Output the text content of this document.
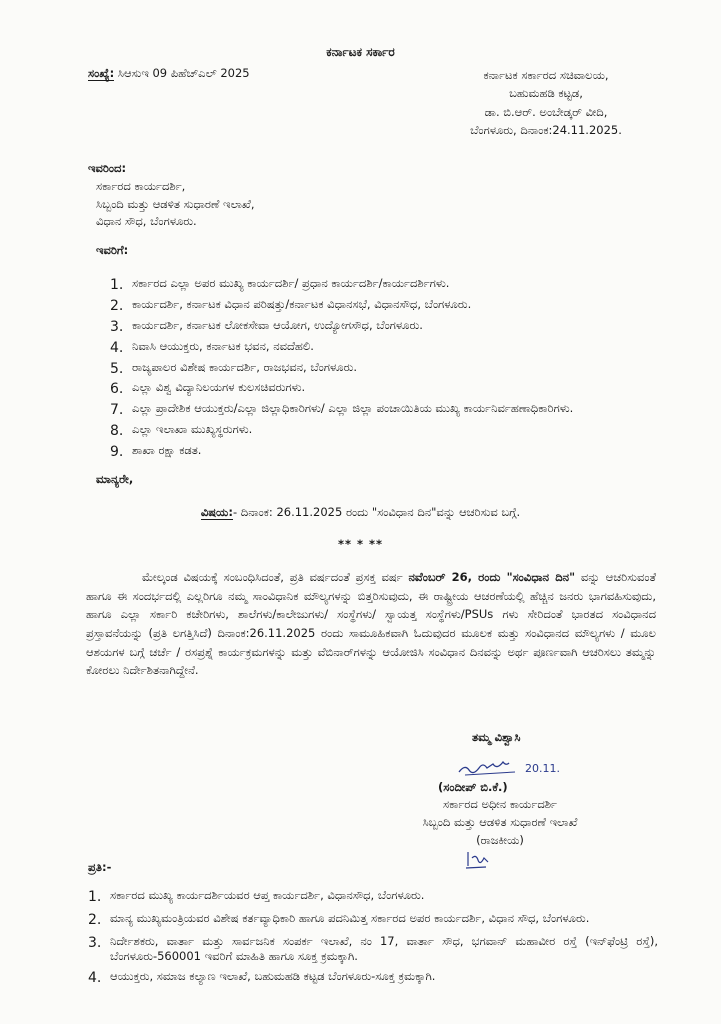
ಕರ್ನಾಟಕ ಸರ್ಕಾರ
ಸಂಖ್ಯೆ: ಸಿಆಸುಇ 09 ಪಿಹೆಚ್‌ಎಲ್ 2025	ಕರ್ನಾಟಕ ಸರ್ಕಾರದ ಸಚಿವಾಲಯ,
ಬಹುಮಹಡಿ ಕಟ್ಟಡ,
ಡಾ. ಬಿ.ಆರ್. ಅಂಬೇಡ್ಕರ್ ವೀದಿ,
ಬೆಂಗಳೂರು, ದಿನಾಂಕ:24.11.2025.
ಇವರಿಂದ:
ಸರ್ಕಾರದ ಕಾರ್ಯದರ್ಶಿ,
ಸಿಬ್ಬಂದಿ ಮತ್ತು ಆಡಳಿತ ಸುಧಾರಣೆ ಇಲಾಖೆ,
ವಿಧಾನ ಸೌಧ, ಬೆಂಗಳೂರು.
ಇವರಿಗೆ:
1. ಸರ್ಕಾರದ ಎಲ್ಲಾ ಅಪರ ಮುಖ್ಯ ಕಾರ್ಯದರ್ಶಿ/ ಪ್ರಧಾನ ಕಾರ್ಯದರ್ಶಿ/ಕಾರ್ಯದರ್ಶಿಗಳು.
2. ಕಾರ್ಯದರ್ಶಿ, ಕರ್ನಾಟಕ ವಿಧಾನ ಪರಿಷತ್ತು/ಕರ್ನಾಟಕ ವಿಧಾನಸಭೆ, ವಿಧಾನಸೌಧ, ಬೆಂಗಳೂರು.
3. ಕಾರ್ಯದರ್ಶಿ, ಕರ್ನಾಟಕ ಲೋಕಸೇವಾ ಆಯೋಗ, ಉದ್ಯೋಗಸೌಧ, ಬೆಂಗಳೂರು.
4. ನಿವಾಸಿ ಆಯುಕ್ತರು, ಕರ್ನಾಟಕ ಭವನ, ನವದೆಹಲಿ.
5. ರಾಜ್ಯಪಾಲರ ವಿಶೇಷ ಕಾರ್ಯದರ್ಶಿ, ರಾಜಭವನ, ಬೆಂಗಳೂರು.
6. ಎಲ್ಲಾ ವಿಶ್ವ ವಿದ್ಯಾನಿಲಯಗಳ ಕುಲಸಚಿವರುಗಳು.
7. ಎಲ್ಲಾ ಪ್ರಾದೇಶಿಕ ಆಯುಕ್ತರು/ಎಲ್ಲಾ ಜಿಲ್ಲಾಧಿಕಾರಿಗಳು/ ಎಲ್ಲಾ ಜಿಲ್ಲಾ ಪಂಚಾಯಿತಿಯ ಮುಖ್ಯ ಕಾರ್ಯನಿರ್ವಹಣಾಧಿಕಾರಿಗಳು.
8. ಎಲ್ಲಾ ಇಲಾಖಾ ಮುಖ್ಯಸ್ಥರುಗಳು.
9. ಶಾಖಾ ರಕ್ಷಾ ಕಡತ.
ಮಾನ್ಯರೇ,
ವಿಷಯ:- ದಿನಾಂಕ: 26.11.2025 ರಂದು "ಸಂವಿಧಾನ ದಿನ"ವನ್ನು ಆಚರಿಸುವ ಬಗ್ಗೆ.
** * **
ಮೇಲ್ಕಂಡ ವಿಷಯಕ್ಕೆ ಸಂಬಂಧಿಸಿದಂತೆ, ಪ್ರತಿ ವರ್ಷದಂತೆ ಪ್ರಸಕ್ತ ವರ್ಷ ನವೆಂಬರ್ 26, ರಂದು "ಸಂವಿಧಾನ ದಿನ" ವನ್ನು ಆಚರಿಸುವಂತೆ ಹಾಗೂ ಈ ಸಂದರ್ಭದಲ್ಲಿ ಎಲ್ಲರಿಗೂ ನಮ್ಮ ಸಾಂವಿಧಾನಿಕ ಮೌಲ್ಯಗಳನ್ನು ಬಿತ್ತರಿಸುವುದು, ಈ ರಾಷ್ಟ್ರೀಯ ಆಚರಣೆಯಲ್ಲಿ ಹೆಚ್ಚಿನ ಜನರು ಭಾಗವಹಿಸುವುದು, ಹಾಗೂ ಎಲ್ಲಾ ಸರ್ಕಾರಿ ಕಚೇರಿಗಳು, ಶಾಲೆಗಳು/ಕಾಲೇಜುಗಳು/ ಸಂಸ್ಥೆಗಳು/ ಸ್ವಾಯತ್ತ ಸಂಸ್ಥೆಗಳು/PSUs ಗಳು ಸೇರಿದಂತೆ ಭಾರತದ ಸಂವಿಧಾನದ ಪ್ರಸ್ತಾವನೆಯನ್ನು (ಪ್ರತಿ ಲಗತ್ತಿಸಿದೆ) ದಿನಾಂಕ:26.11.2025 ರಂದು ಸಾಮೂಹಿಕವಾಗಿ ಓದುವುದರ ಮೂಲಕ ಮತ್ತು ಸಂವಿಧಾನದ ಮೌಲ್ಯಗಳು / ಮೂಲ ಆಶಯಗಳ ಬಗ್ಗೆ ಚರ್ಚೆ / ರಸಪ್ರಶ್ನೆ ಕಾರ್ಯಕ್ರಮಗಳನ್ನು ಮತ್ತು ವೆಬಿನಾರ್‌ಗಳನ್ನು ಆಯೋಜಿಸಿ ಸಂವಿಧಾನ ದಿನವನ್ನು ಅರ್ಥ ಪೂರ್ಣವಾಗಿ ಆಚರಿಸಲು ತಮ್ಮನ್ನು ಕೋರಲು ನಿರ್ದೇಶಿತನಾಗಿದ್ದೇನೆ.
ತಮ್ಮ ವಿಶ್ವಾಸಿ
20.11.
(ಸಂದೀಪ್ ಬಿ.ಕೆ.)
ಸರ್ಕಾರದ ಅಧೀನ ಕಾರ್ಯದರ್ಶಿ
ಸಿಬ್ಬಂದಿ ಮತ್ತು ಆಡಳಿತ ಸುಧಾರಣೆ ಇಲಾಖೆ
(ರಾಜಕೀಯ)
ಪ್ರತಿ:-
1. ಸರ್ಕಾರದ ಮುಖ್ಯ ಕಾರ್ಯದರ್ಶಿಯವರ ಆಪ್ತ ಕಾರ್ಯದರ್ಶಿ, ವಿಧಾನಸೌಧ, ಬೆಂಗಳೂರು.
2. ಮಾನ್ಯ ಮುಖ್ಯಮಂತ್ರಿಯವರ ವಿಶೇಷ ಕರ್ತವ್ಯಾಧಿಕಾರಿ ಹಾಗೂ ಪದನಿಮಿತ್ತ ಸರ್ಕಾರದ ಅಪರ ಕಾರ್ಯದರ್ಶಿ, ವಿಧಾನ ಸೌಧ, ಬೆಂಗಳೂರು.
3. ನಿರ್ದೇಶಕರು, ವಾರ್ತಾ ಮತ್ತು ಸಾರ್ವಜನಿಕ ಸಂಪರ್ಕ ಇಲಾಖೆ, ನಂ 17, ವಾರ್ತಾ ಸೌಧ, ಭಗವಾನ್ ಮಹಾವೀರ ರಸ್ತೆ (ಇನ್‌ಫೆಂಟ್ರಿ ರಸ್ತೆ), ಬೆಂಗಳೂರು-560001 ಇವರಿಗೆ ಮಾಹಿತಿ ಹಾಗೂ ಸೂಕ್ತ ಕ್ರಮಕ್ಕಾಗಿ.
4. ಆಯುಕ್ತರು, ಸಮಾಜ ಕಲ್ಯಾಣ ಇಲಾಖೆ, ಬಹುಮಹಡಿ ಕಟ್ಟಡ ಬೆಂಗಳೂರು-ಸೂಕ್ತ ಕ್ರಮಕ್ಕಾಗಿ.
